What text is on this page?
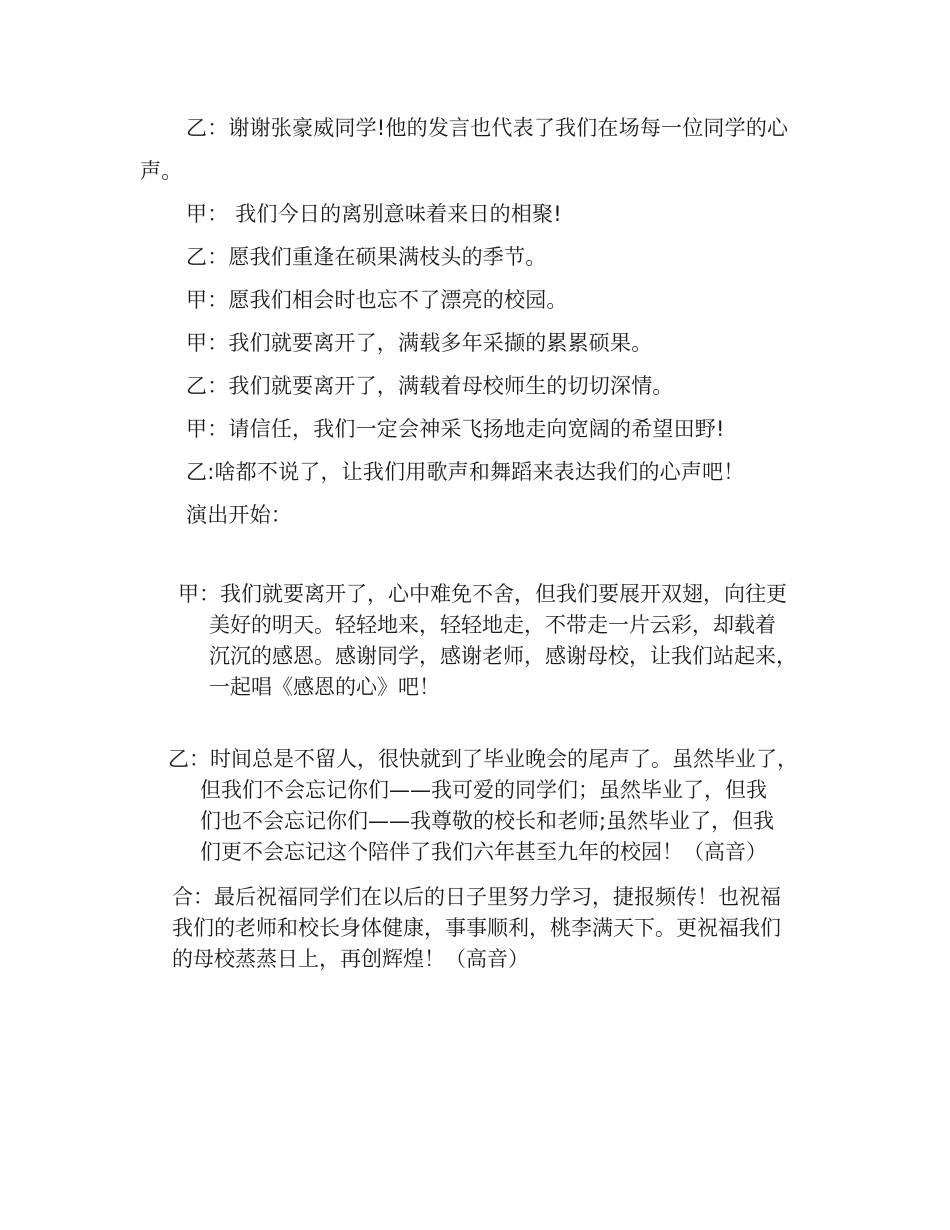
乙：谢谢张豪威同学!他的发言也代表了我们在场每一位同学的心
声。
甲： 我们今日的离别意味着来日的相聚!
乙：愿我们重逢在硕果满枝头的季节。
甲：愿我们相会时也忘不了漂亮的校园。
甲：我们就要离开了，满载多年采撷的累累硕果。
乙：我们就要离开了，满载着母校师生的切切深情。
甲：请信任，我们一定会神采飞扬地走向宽阔的希望田野!
乙:啥都不说了，让我们用歌声和舞蹈来表达我们的心声吧！
演出开始：
甲：我们就要离开了，心中难免不舍，但我们要展开双翅，向往更
美好的明天。轻轻地来，轻轻地走，不带走一片云彩，却载着
沉沉的感恩。感谢同学，感谢老师，感谢母校，让我们站起来，
一起唱《感恩的心》吧！
乙：时间总是不留人，很快就到了毕业晚会的尾声了。虽然毕业了，
但我们不会忘记你们——我可爱的同学们；虽然毕业了，但我
们也不会忘记你们——我尊敬的校长和老师;虽然毕业了，但我
们更不会忘记这个陪伴了我们六年甚至九年的校园！（高音）
合：最后祝福同学们在以后的日子里努力学习，捷报频传！也祝福
我们的老师和校长身体健康，事事顺利，桃李满天下。更祝福我们
的母校蒸蒸日上，再创辉煌！（高音）
